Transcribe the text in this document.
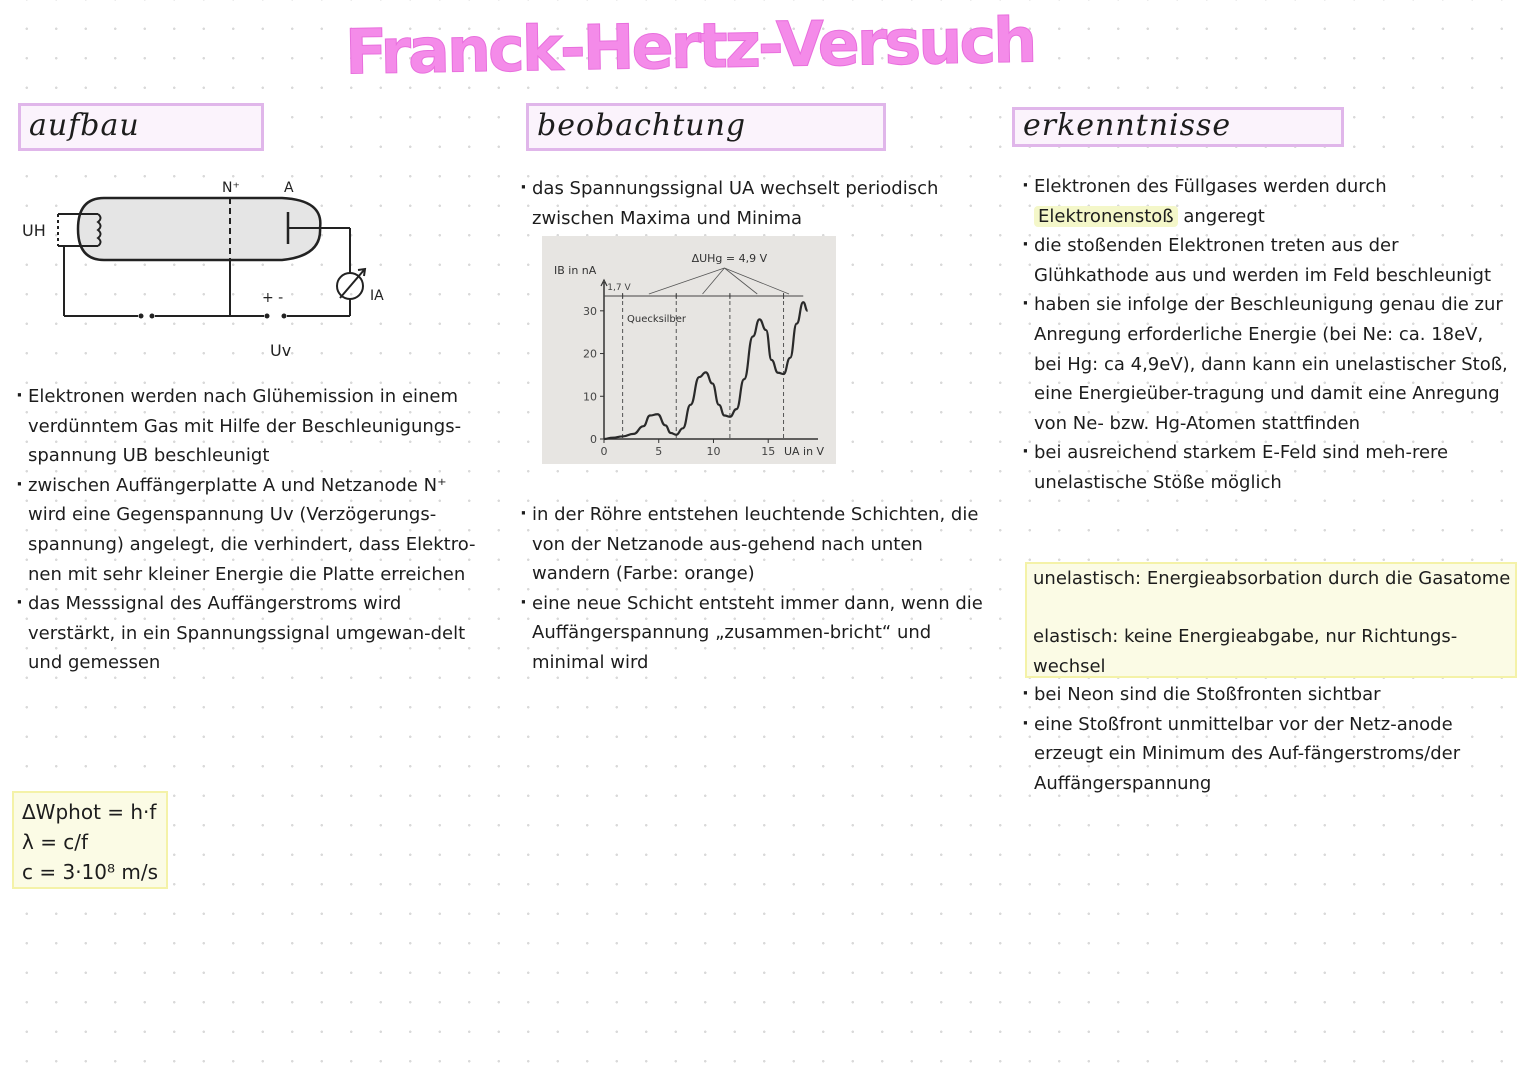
Franck-Hertz-Versuch
aufbau	beobachtung	erkenntnisse
UH
N⁺	A
+ -	IA
Uv
· Elektronen werden nach Glühemission in einem verdünntem Gas mit Hilfe der Beschleunigungs-spannung UB beschleunigt
· zwischen Auffängerplatte A und Netzanode N⁺ wird eine Gegenspannung Uv (Verzögerungs-spannung) angelegt, die verhindert, dass Elektro-nen mit sehr kleiner Energie die Platte erreichen
· das Messsignal des Auffängerstroms wird verstärkt, in ein Spannungssignal umgewan-delt und gemessen
ΔWphot = h·f
λ = c/f
c = 3·10⁸ m/s
· das Spannungssignal UA wechselt periodisch zwischen Maxima und Minima
0	5	10	15
0
10
20
30
IB in nA
UA in V
1,7 V
ΔUHg = 4,9 V
Quecksilber
· in der Röhre entstehen leuchtende Schichten, die von der Netzanode aus-gehend nach unten wandern (Farbe: orange)
· eine neue Schicht entsteht immer dann, wenn die Auffängerspannung „zusammen-bricht“ und minimal wird
· Elektronen des Füllgases werden durch Elektronenstoß angeregt
· die stoßenden Elektronen treten aus der Glühkathode aus und werden im Feld beschleunigt
· haben sie infolge der Beschleunigung genau die zur Anregung erforderliche Energie (bei Ne: ca. 18eV, bei Hg: ca 4,9eV), dann kann ein unelastischer Stoß, eine Energieüber-tragung und damit eine Anregung von Ne- bzw. Hg-Atomen stattfinden
· bei ausreichend starkem E-Feld sind meh-rere unelastische Stöße möglich
unelastisch: Energieabsorbation durch die Gasatome
elastisch: keine Energieabgabe, nur Richtungs-wechsel
· bei Neon sind die Stoßfronten sichtbar
· eine Stoßfront unmittelbar vor der Netz-anode erzeugt ein Minimum des Auf-fängerstroms/der Auffängerspannung
